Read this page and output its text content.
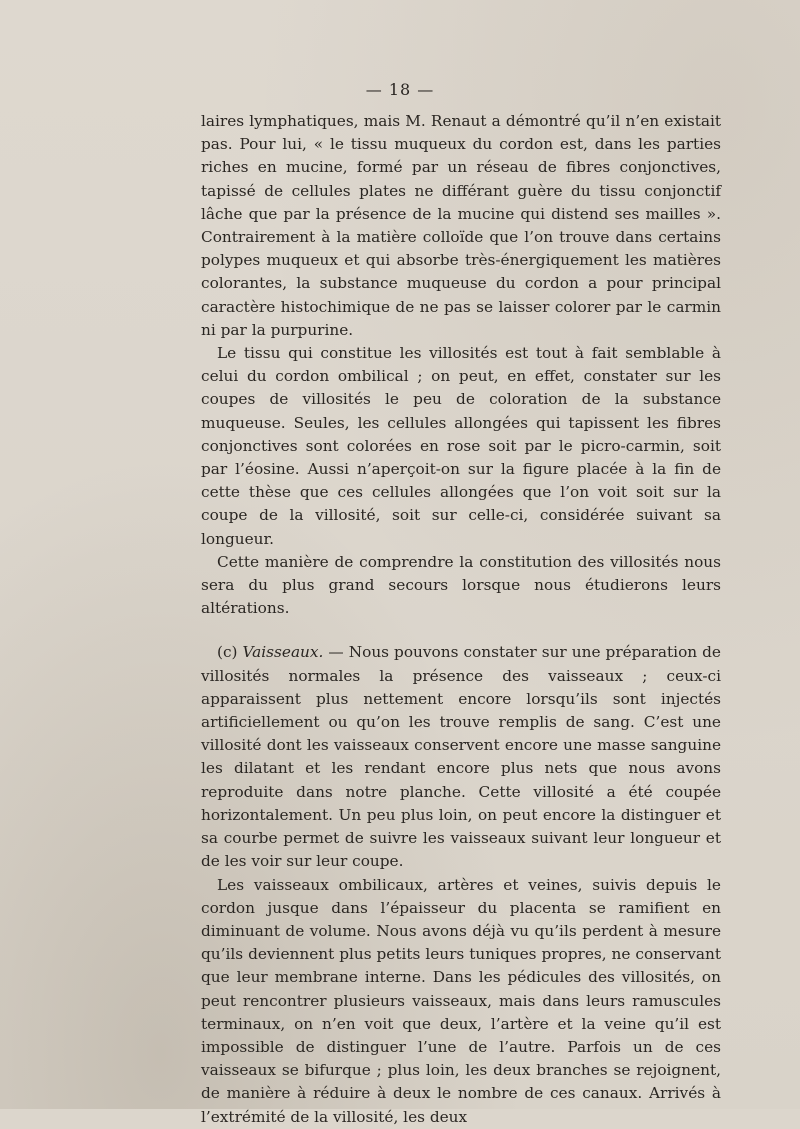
— 18 —

laires lymphatiques, mais M. Renaut a démontré qu’il n’en existait pas. Pour lui, « le tissu muqueux du cordon est, dans les parties riches en mucine, formé par un réseau de fibres conjonctives, tapissé de cellules plates ne différant guère du tissu conjonctif lâche que par la présence de la mucine qui distend ses mailles ». Contrairement à la matière colloïde que l’on trouve dans certains polypes muqueux et qui absorbe très-énergiquement les matières colorantes, la substance muqueuse du cordon a pour principal caractère histochimique de ne pas se laisser colorer par le carmin ni par la purpurine.

Le tissu qui constitue les villosités est tout à fait semblable à celui du cordon ombilical ; on peut, en effet, constater sur les coupes de villosités le peu de coloration de la substance muqueuse. Seules, les cellules allongées qui tapissent les fibres conjonctives sont colorées en rose soit par le picro-carmin, soit par l’éosine. Aussi n’aperçoit-on sur la figure placée à la fin de cette thèse que ces cellules allongées que l’on voit soit sur la coupe de la villosité, soit sur celle-ci, considérée suivant sa longueur.

Cette manière de comprendre la constitution des villosités nous sera du plus grand secours lorsque nous étudierons leurs altérations.

(c) Vaisseaux. — Nous pouvons constater sur une préparation de villosités normales la présence des vaisseaux ; ceux-ci apparaissent plus nettement encore lorsqu’ils sont injectés artificiellement ou qu’on les trouve remplis de sang. C’est une villosité dont les vaisseaux conservent encore une masse sanguine les dilatant et les rendant encore plus nets que nous avons reproduite dans notre planche. Cette villosité a été coupée horizontalement. Un peu plus loin, on peut encore la distinguer et sa courbe permet de suivre les vaisseaux suivant leur longueur et de les voir sur leur coupe.

Les vaisseaux ombilicaux, artères et veines, suivis depuis le cordon jusque dans l’épaisseur du placenta se ramifient en diminuant de volume. Nous avons déjà vu qu’ils perdent à mesure qu’ils deviennent plus petits leurs tuniques propres, ne conservant que leur membrane interne. Dans les pédicules des villosités, on peut rencontrer plusieurs vaisseaux, mais dans leurs ramuscules terminaux, on n’en voit que deux, l’artère et la veine qu’il est impossible de distinguer l’une de l’autre. Parfois un de ces vaisseaux se bifurque ; plus loin, les deux branches se rejoignent, de manière à réduire à deux le nombre de ces canaux. Arrivés à l’extrémité de la villosité, les deux
